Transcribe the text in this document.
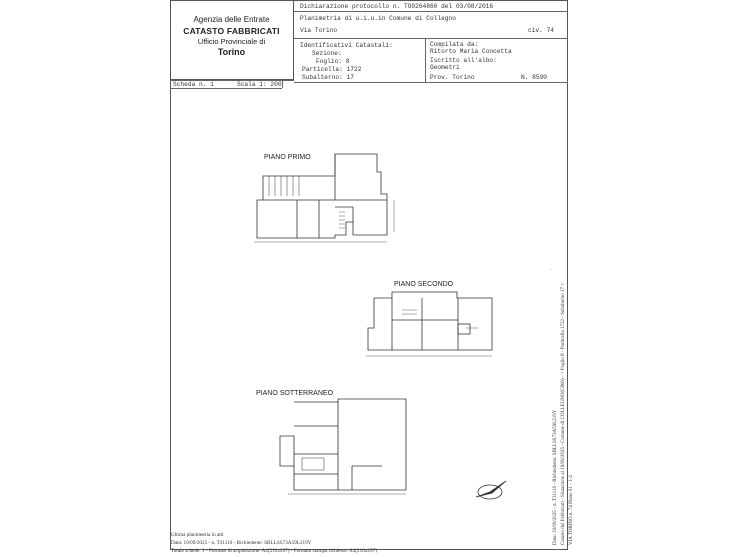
Agenzia delle Entrate
CATASTO FABBRICATI
Ufficio Provinciale di
Torino
Dichiarazione protocollo n. TO0264860 del 03/08/2016
Planimetria di u.i.u.in Comune di Collegno
Via Torino	civ. 74
Identificativi Catastali:
Sezione:
Foglio: 8
Particella: 1722
Subalterno: 17
Compilata da:
Ritorto Maria Concetta
Iscritto all'albo:
Geometri
Prov. Torino	N. 8590
Scheda n. 1	Scala 1: 200
PIANO PRIMO
PIANO SECONDO
PIANO SOTTERRANEO
·
Data: 19/09/2025 - n. T31110 - Richiedente: SBLLSS73A59L219Y Catasto dei Fabbricati - Situazione al 19/09/2025 - Comune di COLLEGNO(C860) - < Foglio 8 - Particella 1722 - Subalterno 17 > VIA TORINO n. 74 Piano S1 - 1-2
Ultima planimetria in atti
Data: 19/09/2025 - n. T31110 - Richiedente: SBLLSS73A59L219Y
Totale schede: 1 - Formato di acquisizione: A4(210x297) - Formato stampa richiesto: A4(210x297)
